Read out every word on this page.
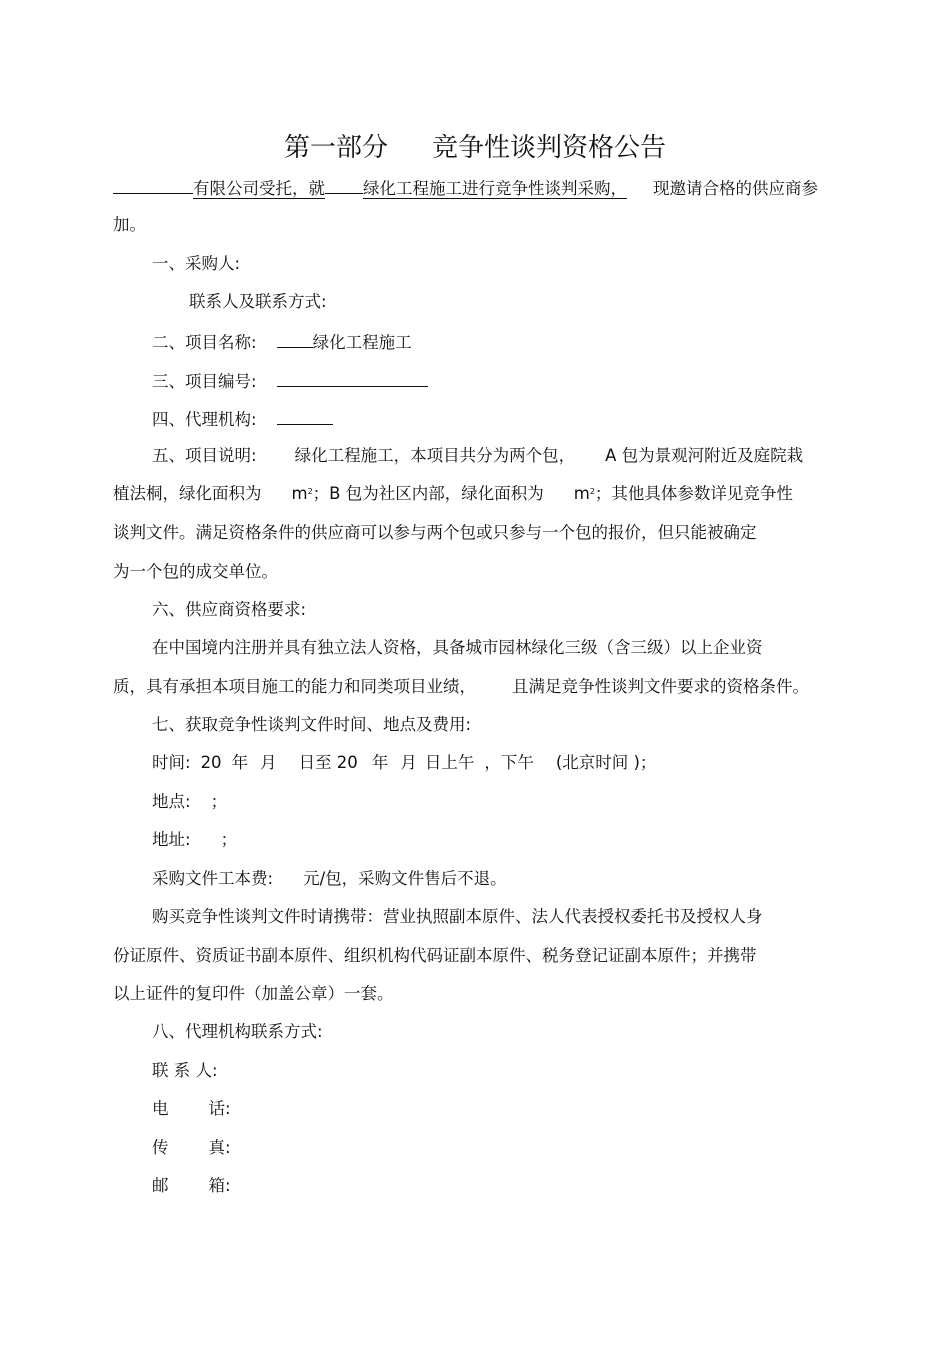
第一部分 竞争性谈判资格公告
有限公司受托，就 绿化工程施工进行竞争性谈判采购， 现邀请合格的供应商参
加。
一、采购人:
联系人及联系方式:
二、项目名称:	绿化工程施工
三、项目编号:
四、代理机构:
五、项目说明: 绿化工程施工，本项目共分为两个包， A 包为景观河附近及庭院栽
植法桐，绿化面积为 $m^2$；B 包为社区内部，绿化面积为 $m^2$；其他具体参数详见竞争性
谈判文件。满足资格条件的供应商可以参与两个包或只参与一个包的报价，但只能被确定
为一个包的成交单位。
六、供应商资格要求:
在中国境内注册并具有独立法人资格，具备城市园林绿化三级（含三级）以上企业资
质，具有承担本项目施工的能力和同类项目业绩， 且满足竞争性谈判文件要求的资格条件。
七、获取竞争性谈判文件时间、地点及费用:
时间: 20 年 月 日至 20 年 月 日上午 ，下午 (北京时间 )；
地点: ；
地址: ；
采购文件工本费: 元/包，采购文件售后不退。
购买竞争性谈判文件时请携带：营业执照副本原件、法人代表授权委托书及授权人身
份证原件、资质证书副本原件、组织机构代码证副本原件、税务登记证副本原件；并携带
以上证件的复印件（加盖公章）一套。
八、代理机构联系方式:
联 系 人:
电 话:
传 真:
邮 箱:
